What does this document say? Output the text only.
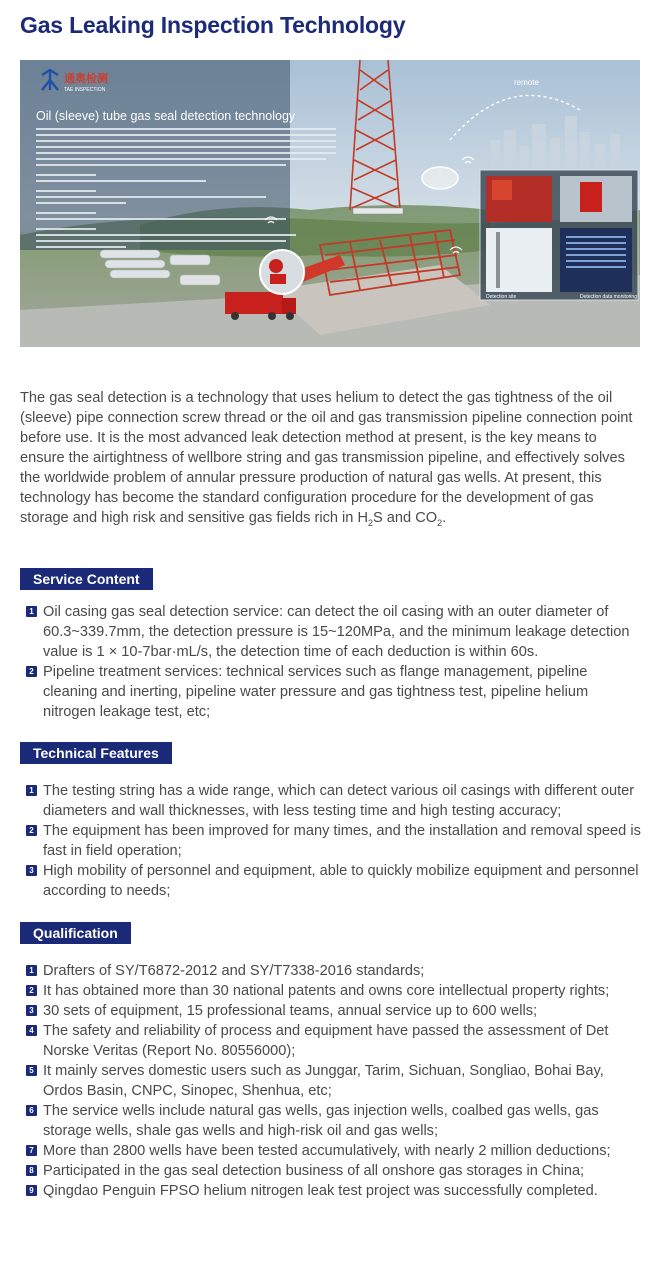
Gas Leaking Inspection Technology
通奥检测
TAE INSPECTION
Oil (sleeve) tube gas seal detection technology
remote
Detection site	Detection data monitoring

The gas seal detection is a technology that uses helium to detect the gas tightness of the oil (sleeve) pipe connection screw thread or the oil and gas transmission pipeline connection point before use. It is the most advanced leak detection method at present, is the key means to ensure the airtightness of wellbore string and gas transmission pipeline, and effectively solves the worldwide problem of annular pressure production of natural gas wells. At present, this technology has become the standard configuration procedure for the development of gas storage and high risk and sensitive gas fields rich in $H_2S$ and $CO_2$.

Service Content
1 Oil casing gas seal detection service: can detect the oil casing with an outer diameter of 60.3~339.7mm, the detection pressure is 15~120MPa, and the minimum leakage detection value is 1 × 10-7bar·mL/s, the detection time of each deduction is within 60s.
2 Pipeline treatment services: technical services such as flange management, pipeline cleaning and inerting, pipeline water pressure and gas tightness test, pipeline helium nitrogen leakage test, etc;
Technical Features
1 The testing string has a wide range, which can detect various oil casings with different outer diameters and wall thicknesses, with less testing time and high testing accuracy;
2 The equipment has been improved for many times, and the installation and removal speed is fast in field operation;
3 High mobility of personnel and equipment, able to quickly mobilize equipment and personnel according to needs;
Qualification
1 Drafters of SY/T6872-2012 and SY/T7338-2016 standards;
2 It has obtained more than 30 national patents and owns core intellectual property rights;
3 30 sets of equipment, 15 professional teams, annual service up to 600 wells;
4 The safety and reliability of process and equipment have passed the assessment of Det Norske Veritas (Report No. 80556000);
5 It mainly serves domestic users such as Junggar, Tarim, Sichuan, Songliao, Bohai Bay, Ordos Basin, CNPC, Sinopec, Shenhua, etc;
6 The service wells include natural gas wells, gas injection wells, coalbed gas wells, gas storage wells, shale gas wells and high-risk oil and gas wells;
7 More than 2800 wells have been tested accumulatively, with nearly 2 million deductions;
8 Participated in the gas seal detection business of all onshore gas storages in China;
9 Qingdao Penguin FPSO helium nitrogen leak test project was successfully completed.
